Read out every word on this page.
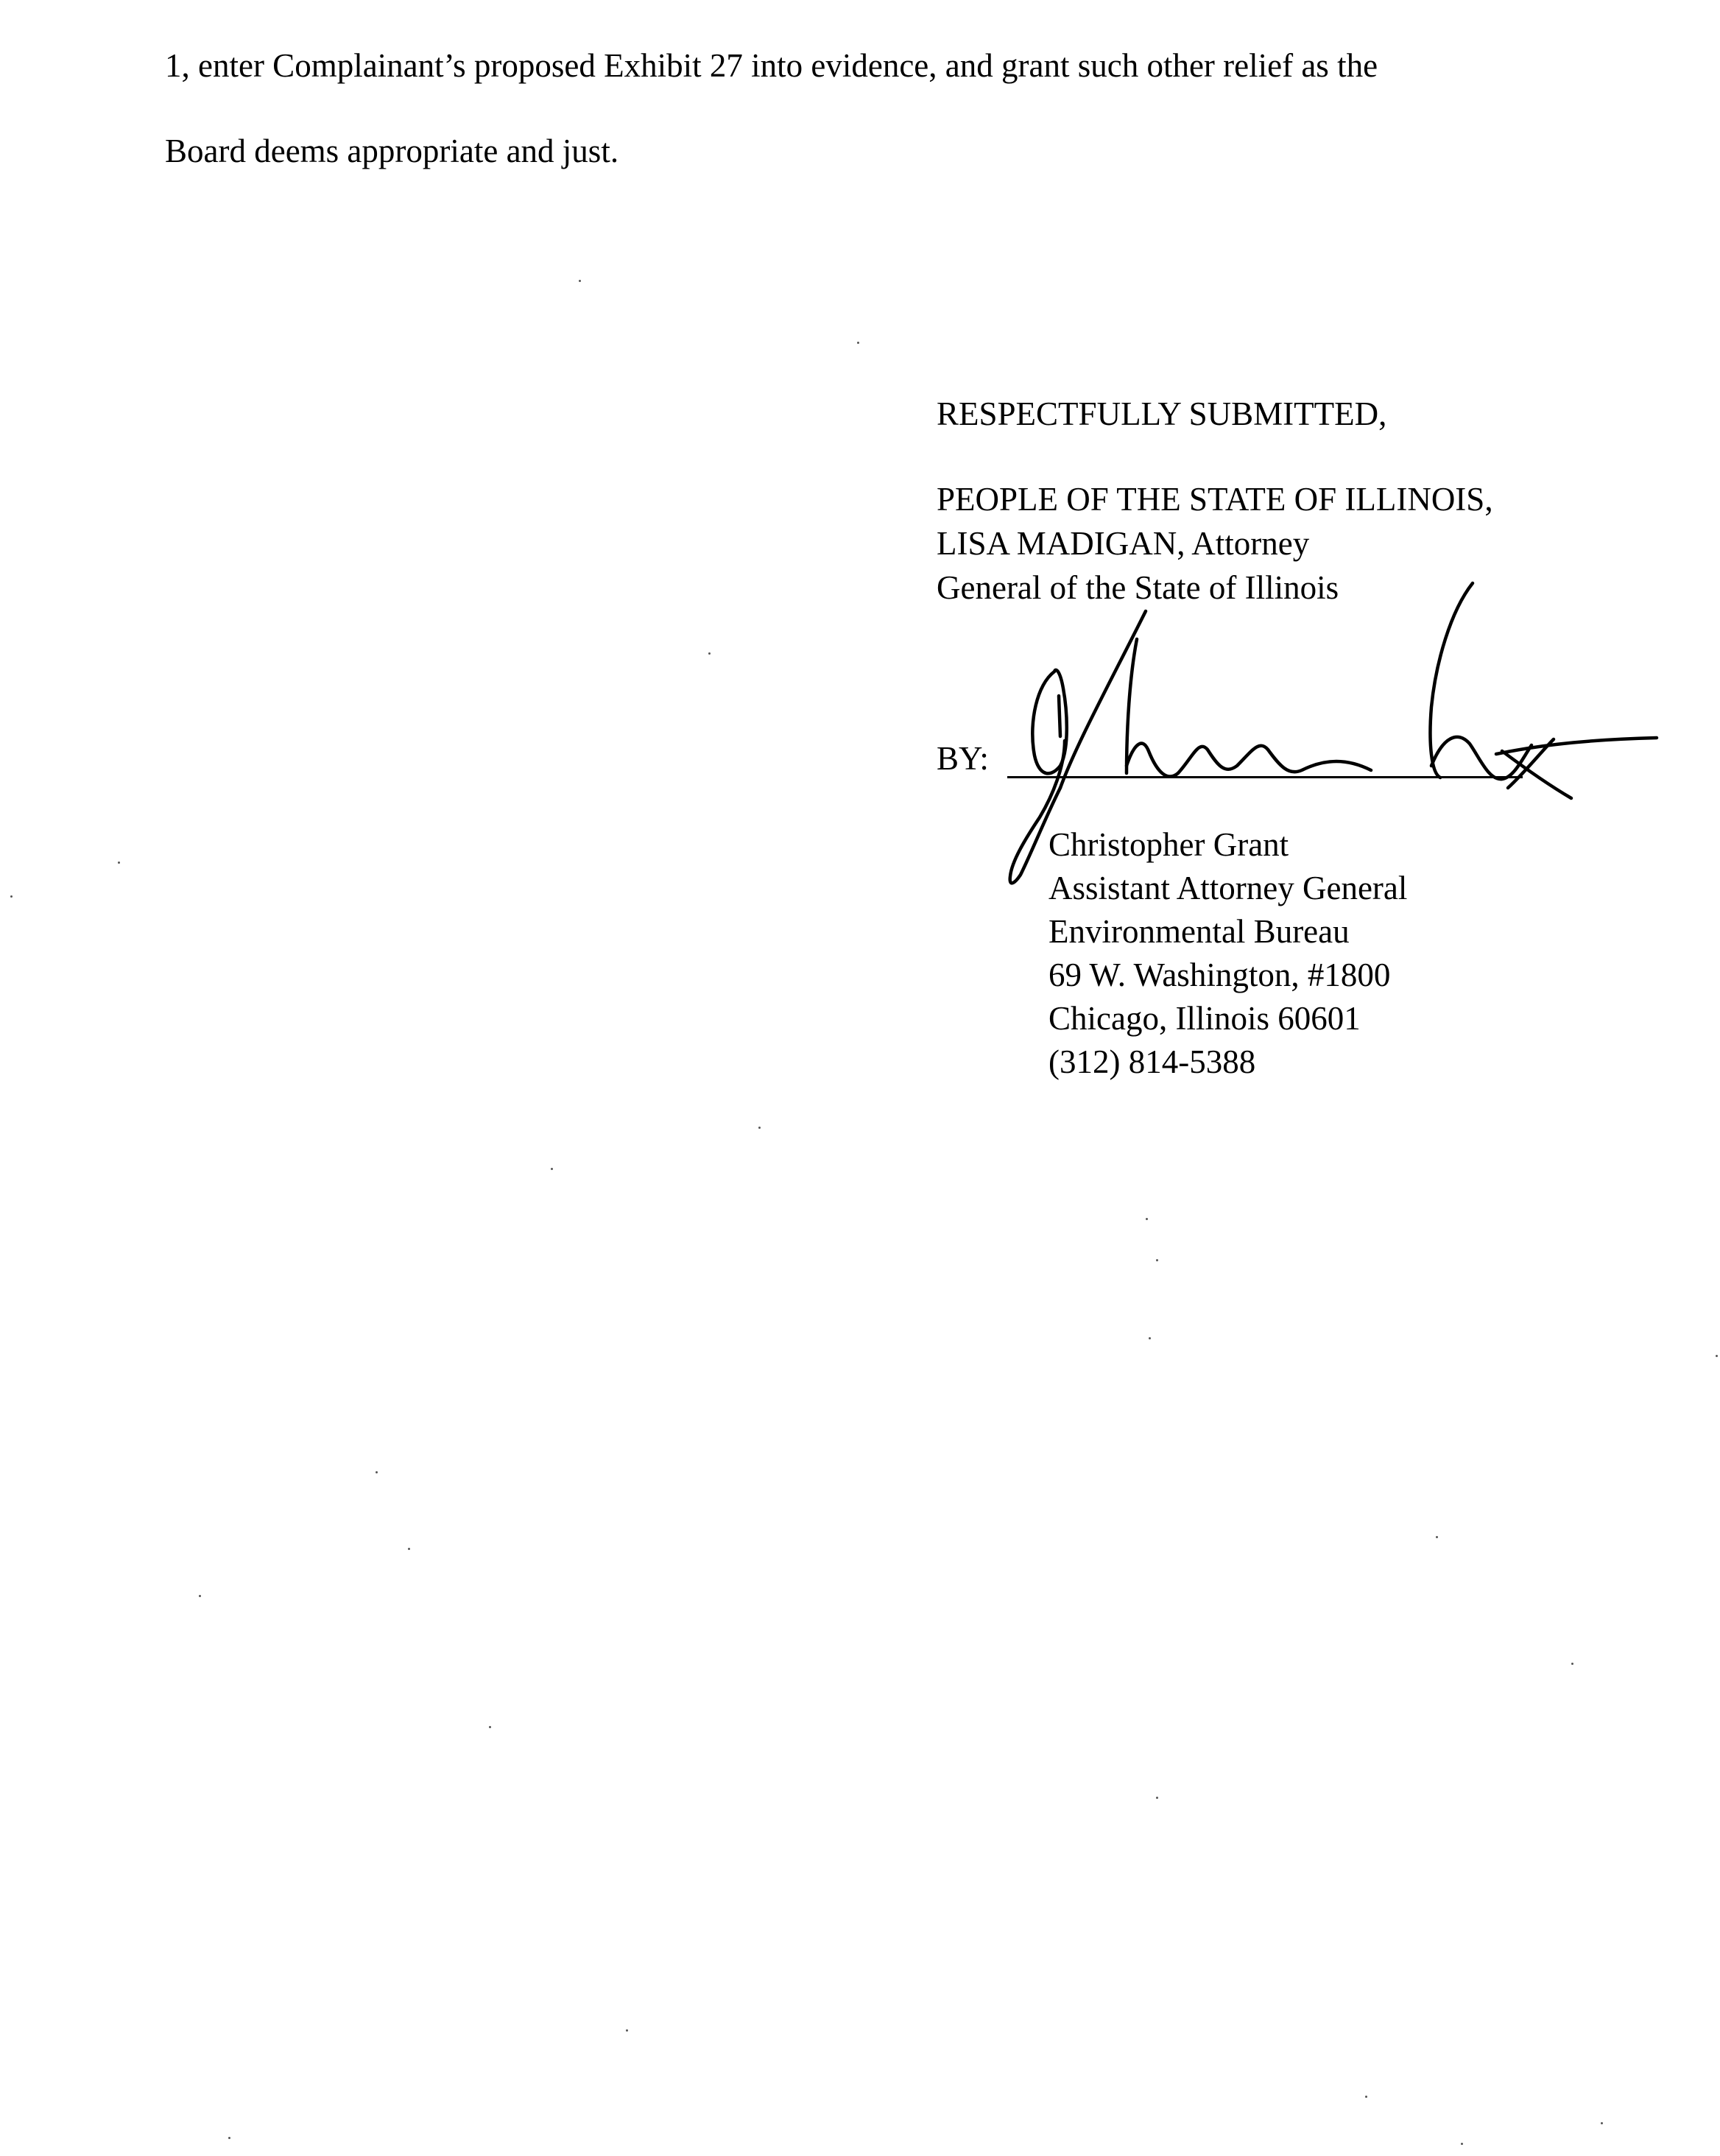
1, enter Complainant’s proposed Exhibit 27 into evidence, and grant such other relief as the
Board deems appropriate and just.
RESPECTFULLY SUBMITTED,
PEOPLE OF THE STATE OF ILLINOIS,
LISA MADIGAN, Attorney
General of the State of Illinois
BY:
Christopher Grant
Assistant Attorney General
Environmental Bureau
69 W. Washington, #1800
Chicago, Illinois 60601
(312) 814-5388
